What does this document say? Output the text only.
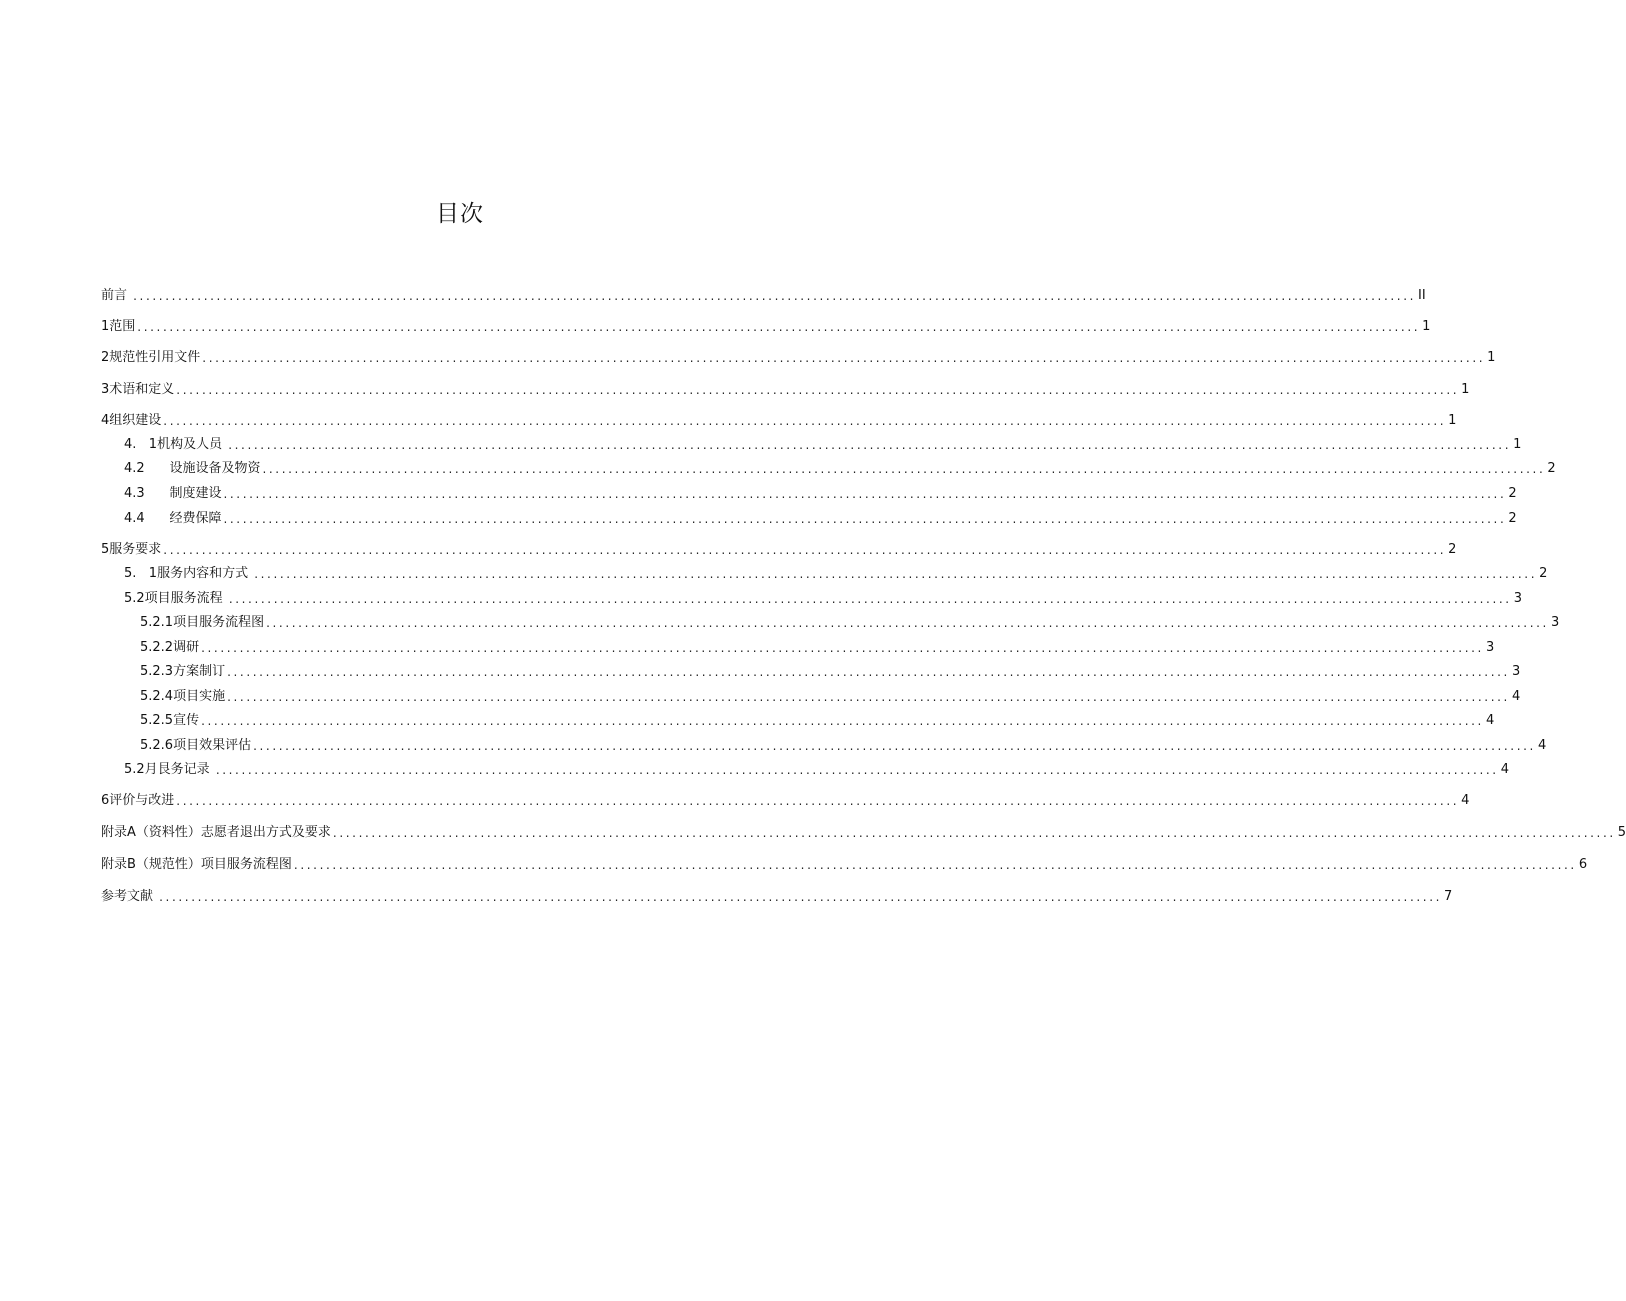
目次
前言 ........................................................................................................................................................................................................ II
1范围 ........................................................................................................................................................................................................ 1
2规范性引用文件 ........................................................................................................................................................................................................ 1
3术语和定义 ........................................................................................................................................................................................................ 1
4组织建设 ........................................................................................................................................................................................................ 1
4.   1机构及人员 ........................................................................................................................................................................................................ 1
4.2      设施设备及物资 ........................................................................................................................................................................................................ 2
4.3      制度建设 ........................................................................................................................................................................................................ 2
4.4      经费保障 ........................................................................................................................................................................................................ 2
5服务要求 ........................................................................................................................................................................................................ 2
5.   1服务内容和方式 ........................................................................................................................................................................................................ 2
5.2项目服务流程 ........................................................................................................................................................................................................ 3
5.2.1项目服务流程图 ........................................................................................................................................................................................................ 3
5.2.2调研 ........................................................................................................................................................................................................ 3
5.2.3方案制订 ........................................................................................................................................................................................................ 3
5.2.4项目实施 ........................................................................................................................................................................................................ 4
5.2.5宣传 ........................................................................................................................................................................................................ 4
5.2.6项目效果评估 ........................................................................................................................................................................................................ 4
5.2月艮务记录 ........................................................................................................................................................................................................ 4
6评价与改进 ........................................................................................................................................................................................................ 4
附录A（资料性）志愿者退出方式及要求 ........................................................................................................................................................................................................ 5
附录B（规范性）项目服务流程图 ........................................................................................................................................................................................................ 6
参考文献 ........................................................................................................................................................................................................ 7
